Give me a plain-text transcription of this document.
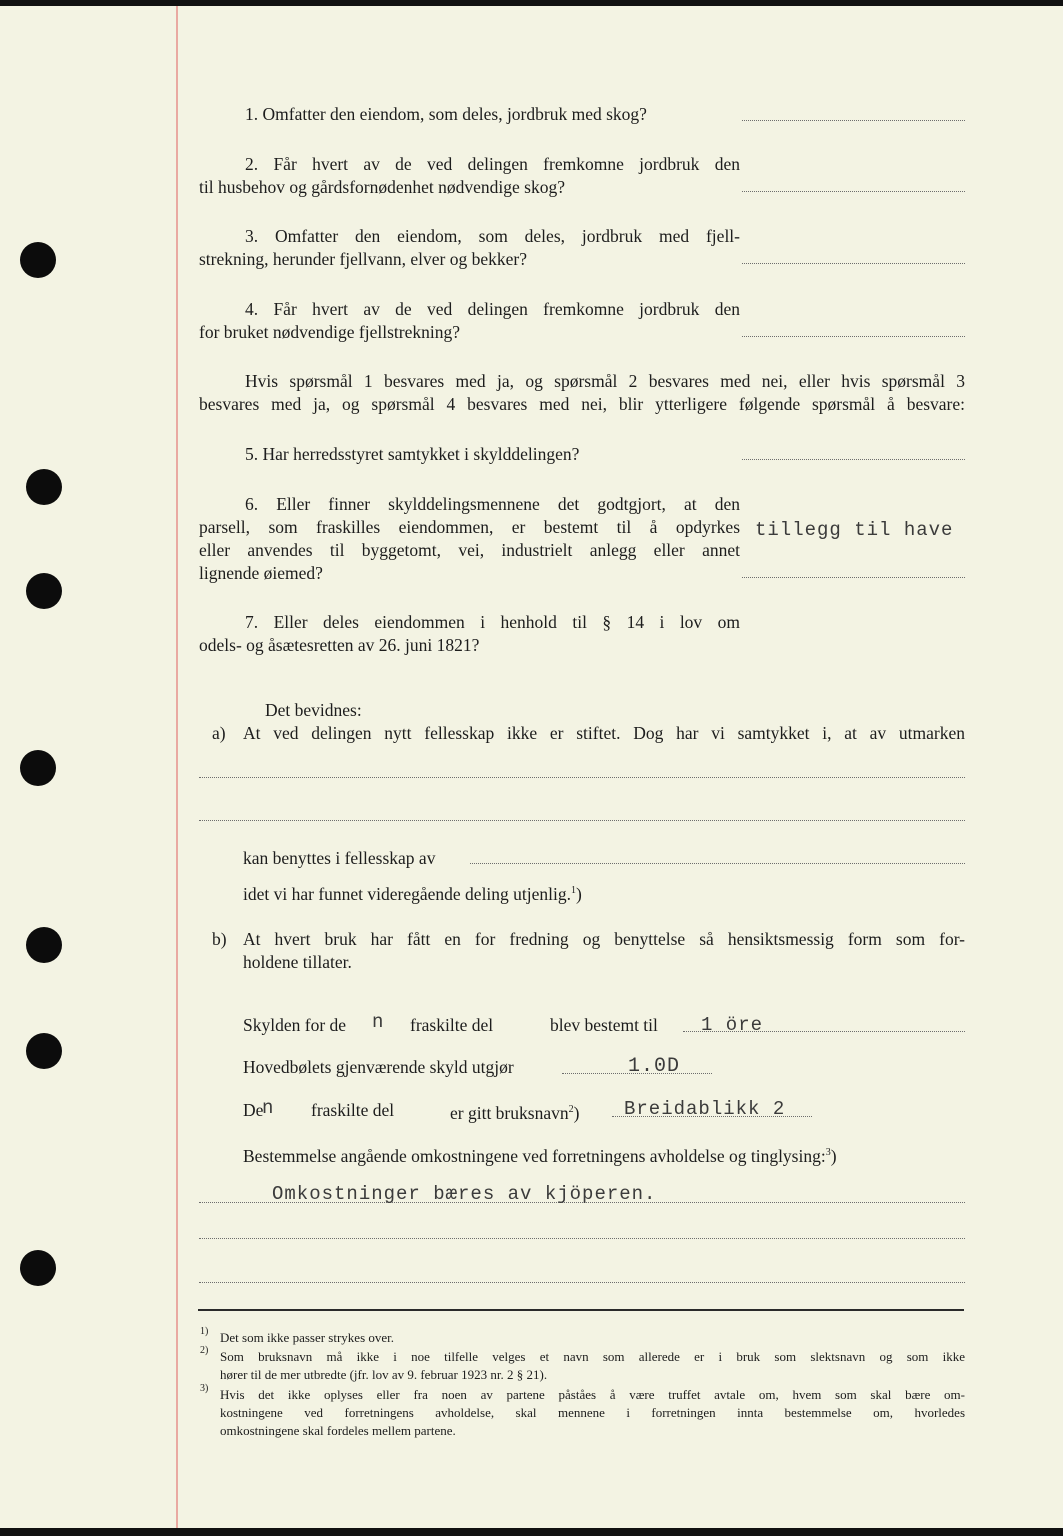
1. Omfatter den eiendom, som deles, jordbruk med skog?
2. Får hvert av de ved delingen fremkomne jordbruk den
til husbehov og gårdsfornødenhet nødvendige skog?
3. Omfatter den eiendom, som deles, jordbruk med fjell-
strekning, herunder fjellvann, elver og bekker?
4. Får hvert av de ved delingen fremkomne jordbruk den
for bruket nødvendige fjellstrekning?
Hvis spørsmål 1 besvares med ja, og spørsmål 2 besvares med nei, eller hvis spørsmål 3
besvares med ja, og spørsmål 4 besvares med nei, blir ytterligere følgende spørsmål å besvare:
5. Har herredsstyret samtykket i skylddelingen?
6. Eller finner skylddelingsmennene det godtgjort, at den
parsell, som fraskilles eiendommen, er bestemt til å opdyrkes
eller anvendes til byggetomt, vei, industrielt anlegg eller annet
lignende øiemed?
tillegg til have
7. Eller deles eiendommen i henhold til § 14 i lov om
odels- og åsætesretten av 26. juni 1821?
Det bevidnes:
a) At ved delingen nytt fellesskap ikke er stiftet. Dog har vi samtykket i, at av utmarken
kan benyttes i fellesskap av
idet vi har funnet videregående deling utjenlig.$^1$)
b) At hvert bruk har fått en for fredning og benyttelse så hensiktsmessig form som for-
holdene tillater.
Skylden for de n fraskilte del	blev bestemt til 1 öre
Hovedbølets gjenværende skyld utgjør	1.0D
De
n fraskilte del	er gitt bruksnavn$^2$) Breidablikk 2
Bestemmelse angående omkostningene ved forretningens avholdelse og tinglysing:$^3$)
Omkostninger bæres av kjöperen.
1) Det som ikke passer strykes over.
2) Som bruksnavn må ikke i noe tilfelle velges et navn som allerede er i bruk som slektsnavn og som ikke
hører til de mer utbredte (jfr. lov av 9. februar 1923 nr. 2 § 21).
3) Hvis det ikke oplyses eller fra noen av partene påståes å være truffet avtale om, hvem som skal bære om-
kostningene ved forretningens avholdelse, skal mennene i forretningen innta bestemmelse om, hvorledes
omkostningene skal fordeles mellem partene.
